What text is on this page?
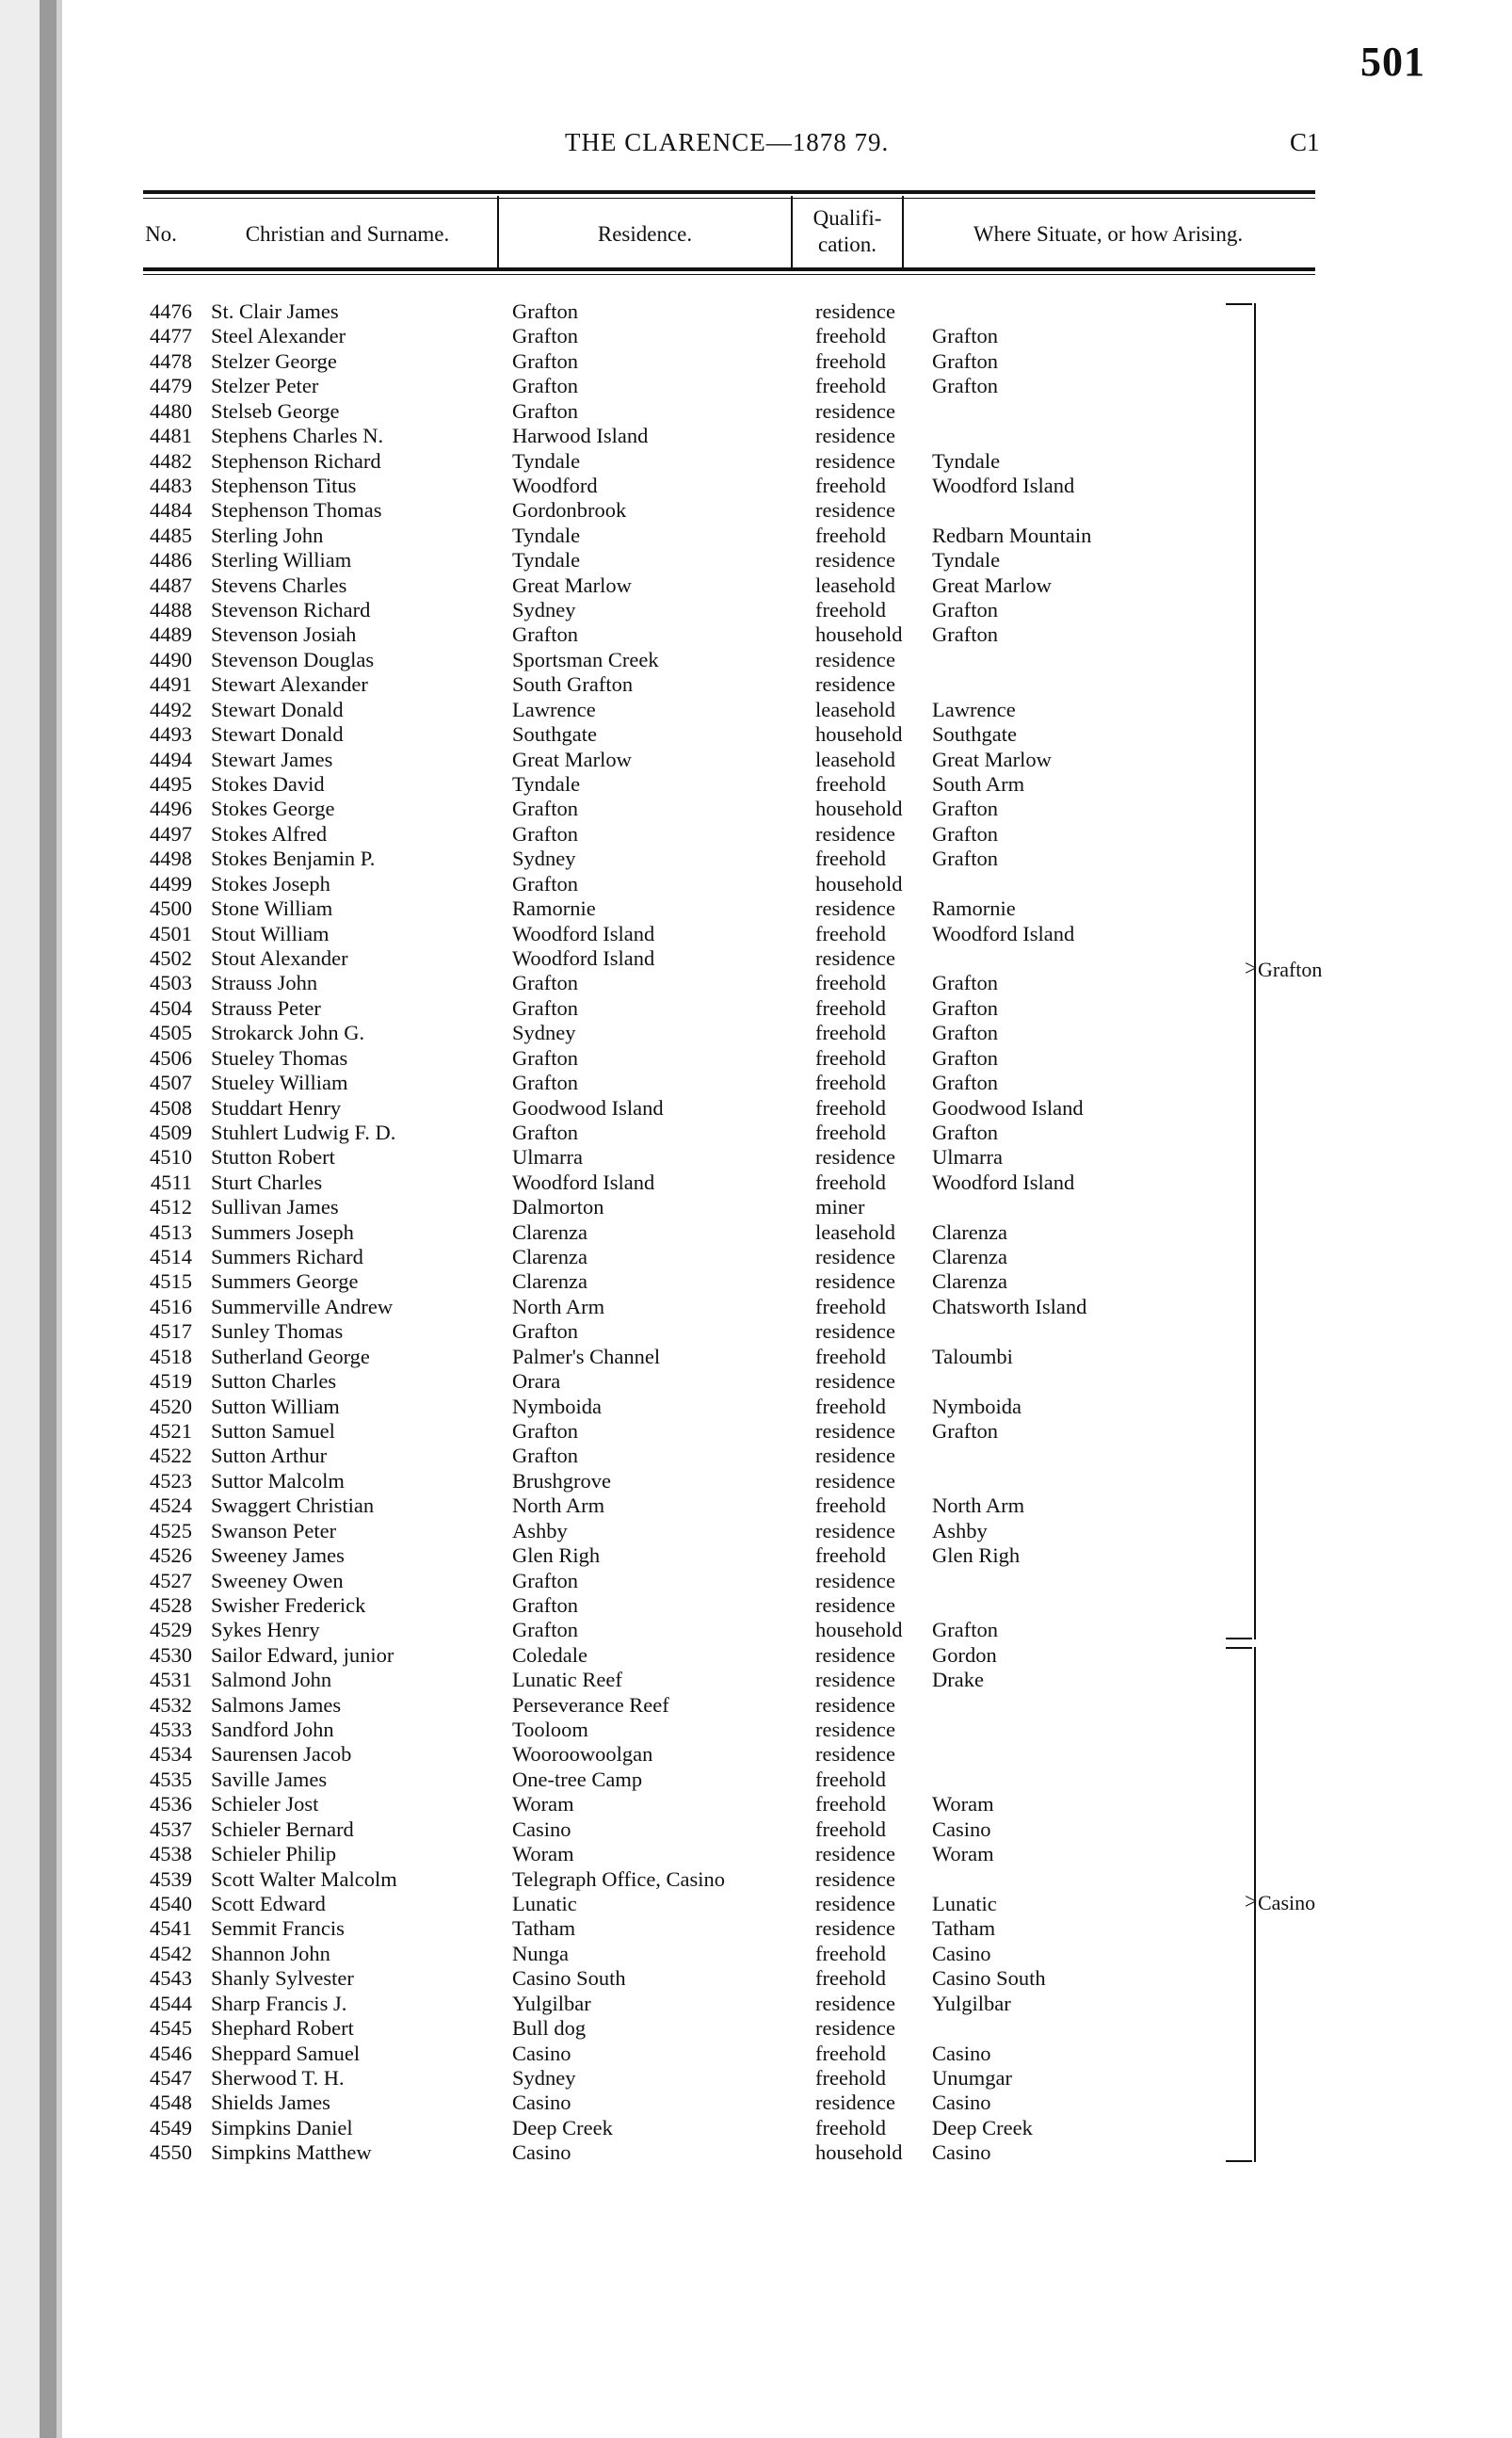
501
THE CLARENCE—1878 79.	C1
No.	Christian and Surname.	Residence.
Qualifi-
cation.	Where Situate, or how Arising.
4476 St. Clair James	Grafton	residence
4477 Steel Alexander	Grafton	freehold Grafton
4478 Stelzer George	Grafton	freehold Grafton
4479 Stelzer Peter	Grafton	freehold Grafton
4480 Stelseb George	Grafton	residence
4481 Stephens Charles N.	Harwood Island	residence
4482 Stephenson Richard	Tyndale	residence Tyndale
4483 Stephenson Titus	Woodford	freehold Woodford Island
4484 Stephenson Thomas	Gordonbrook	residence
4485 Sterling John	Tyndale	freehold Redbarn Mountain
4486 Sterling William	Tyndale	residence Tyndale
4487 Stevens Charles	Great Marlow	leasehold Great Marlow
4488 Stevenson Richard	Sydney	freehold Grafton
4489 Stevenson Josiah	Grafton	household Grafton
4490 Stevenson Douglas	Sportsman Creek	residence
4491 Stewart Alexander	South Grafton	residence
4492 Stewart Donald	Lawrence	leasehold Lawrence
4493 Stewart Donald	Southgate	household Southgate
4494 Stewart James	Great Marlow	leasehold Great Marlow
4495 Stokes David	Tyndale	freehold South Arm
4496 Stokes George	Grafton	household Grafton
4497 Stokes Alfred	Grafton	residence Grafton
4498 Stokes Benjamin P.	Sydney	freehold Grafton
4499 Stokes Joseph	Grafton	household
4500 Stone William	Ramornie	residence Ramornie
4501 Stout William	Woodford Island	freehold Woodford Island
4502 Stout Alexander	Woodford Island	residence
4503 Strauss John	Grafton	freehold Grafton
4504 Strauss Peter	Grafton	freehold Grafton
4505 Strokarck John G.	Sydney	freehold Grafton
4506 Stueley Thomas	Grafton	freehold Grafton
4507 Stueley William	Grafton	freehold Grafton
4508 Studdart Henry	Goodwood Island	freehold Goodwood Island
4509 Stuhlert Ludwig F. D.	Grafton	freehold Grafton
4510 Stutton Robert	Ulmarra	residence Ulmarra
4511 Sturt Charles	Woodford Island	freehold Woodford Island
4512 Sullivan James	Dalmorton	miner
4513 Summers Joseph	Clarenza	leasehold Clarenza
4514 Summers Richard	Clarenza	residence Clarenza
4515 Summers George	Clarenza	residence Clarenza
4516 Summerville Andrew	North Arm	freehold Chatsworth Island
4517 Sunley Thomas	Grafton	residence
4518 Sutherland George	Palmer's Channel	freehold Taloumbi
4519 Sutton Charles	Orara	residence
4520 Sutton William	Nymboida	freehold Nymboida
4521 Sutton Samuel	Grafton	residence Grafton
4522 Sutton Arthur	Grafton	residence
4523 Suttor Malcolm	Brushgrove	residence
4524 Swaggert Christian	North Arm	freehold North Arm
4525 Swanson Peter	Ashby	residence Ashby
4526 Sweeney James	Glen Righ	freehold Glen Righ
4527 Sweeney Owen	Grafton	residence
4528 Swisher Frederick	Grafton	residence
4529 Sykes Henry	Grafton	household Grafton
4530 Sailor Edward, junior	Coledale	residence Gordon
4531 Salmond John	Lunatic Reef	residence Drake
4532 Salmons James	Perseverance Reef	residence
4533 Sandford John	Tooloom	residence
4534 Saurensen Jacob	Wooroowoolgan	residence
4535 Saville James	One-tree Camp	freehold
4536 Schieler Jost	Woram	freehold Woram
4537 Schieler Bernard	Casino	freehold Casino
4538 Schieler Philip	Woram	residence Woram
4539 Scott Walter Malcolm	Telegraph Office, Casino	residence
4540 Scott Edward	Lunatic	residence Lunatic
4541 Semmit Francis	Tatham	residence Tatham
4542 Shannon John	Nunga	freehold Casino
4543 Shanly Sylvester	Casino South	freehold Casino South
4544 Sharp Francis J.	Yulgilbar	residence Yulgilbar
4545 Shephard Robert	Bull dog	residence
4546 Sheppard Samuel	Casino	freehold Casino
4547 Sherwood T. H.	Sydney	freehold Unumgar
4548 Shields James	Casino	residence Casino
4549 Simpkins Daniel	Deep Creek	freehold Deep Creek
4550 Simpkins Matthew	Casino	household Casino
> Grafton
> Casino
